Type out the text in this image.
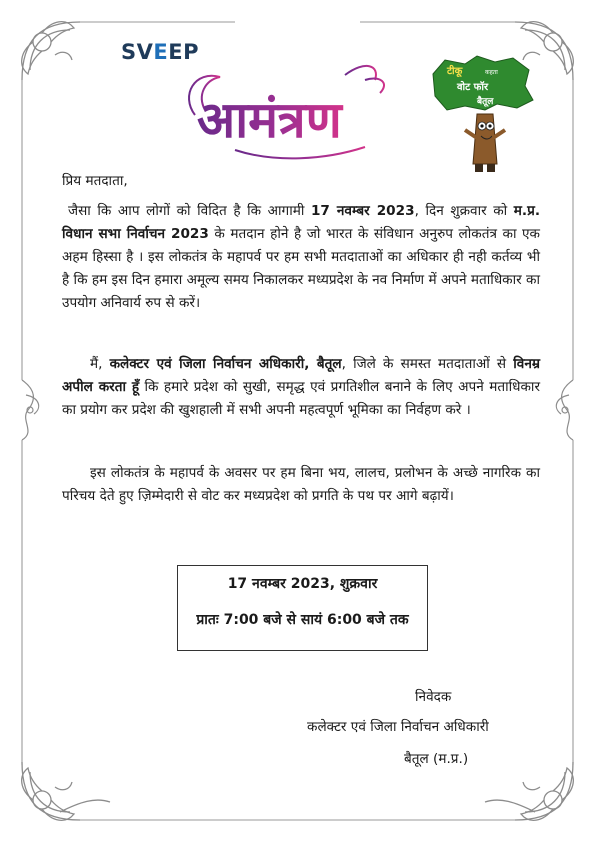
SVEEP
आमंत्रण
टीकू	कहता
वोट फॉर
बैतूल
प्रिय मतदाता,
जैसा कि आप लोगों को विदित है कि आगामी 17 नवम्बर 2023, दिन शुक्रवार को म.प्र. विधान सभा निर्वाचन 2023 के मतदान होने है जो भारत के संविधान अनुरुप लोकतंत्र का एक अहम हिस्सा है । इस लोकतंत्र के महापर्व पर हम सभी मतदाताओं का अधिकार ही नही कर्तव्य भी है कि हम इस दिन हमारा अमूल्य समय निकालकर मध्यप्रदेश के नव निर्माण में अपने मताधिकार का उपयोग अनिवार्य रुप से करें।
मैं, कलेक्टर एवं जिला निर्वाचन अधिकारी, बैतूल, जिले के समस्त मतदाताओं से विनम्र अपील करता हूँ कि हमारे प्रदेश को सुखी, समृद्ध एवं प्रगतिशील बनाने के लिए अपने मताधिकार का प्रयोग कर प्रदेश की खुशहाली में सभी अपनी महत्वपूर्ण भूमिका का निर्वहण करे ।
इस लोकतंत्र के महापर्व के अवसर पर हम बिना भय, लालच, प्रलोभन के अच्छे नागरिक का परिचय देते हुए ज़िम्मेदारी से वोट कर मध्यप्रदेश को प्रगति के पथ पर आगे बढ़ायें।
17 नवम्बर 2023, शुक्रवार
प्रातः 7:00 बजे से सायं 6:00 बजे तक
निवेदक
कलेक्टर एवं जिला निर्वाचन अधिकारी
बैतूल (म.प्र.)
